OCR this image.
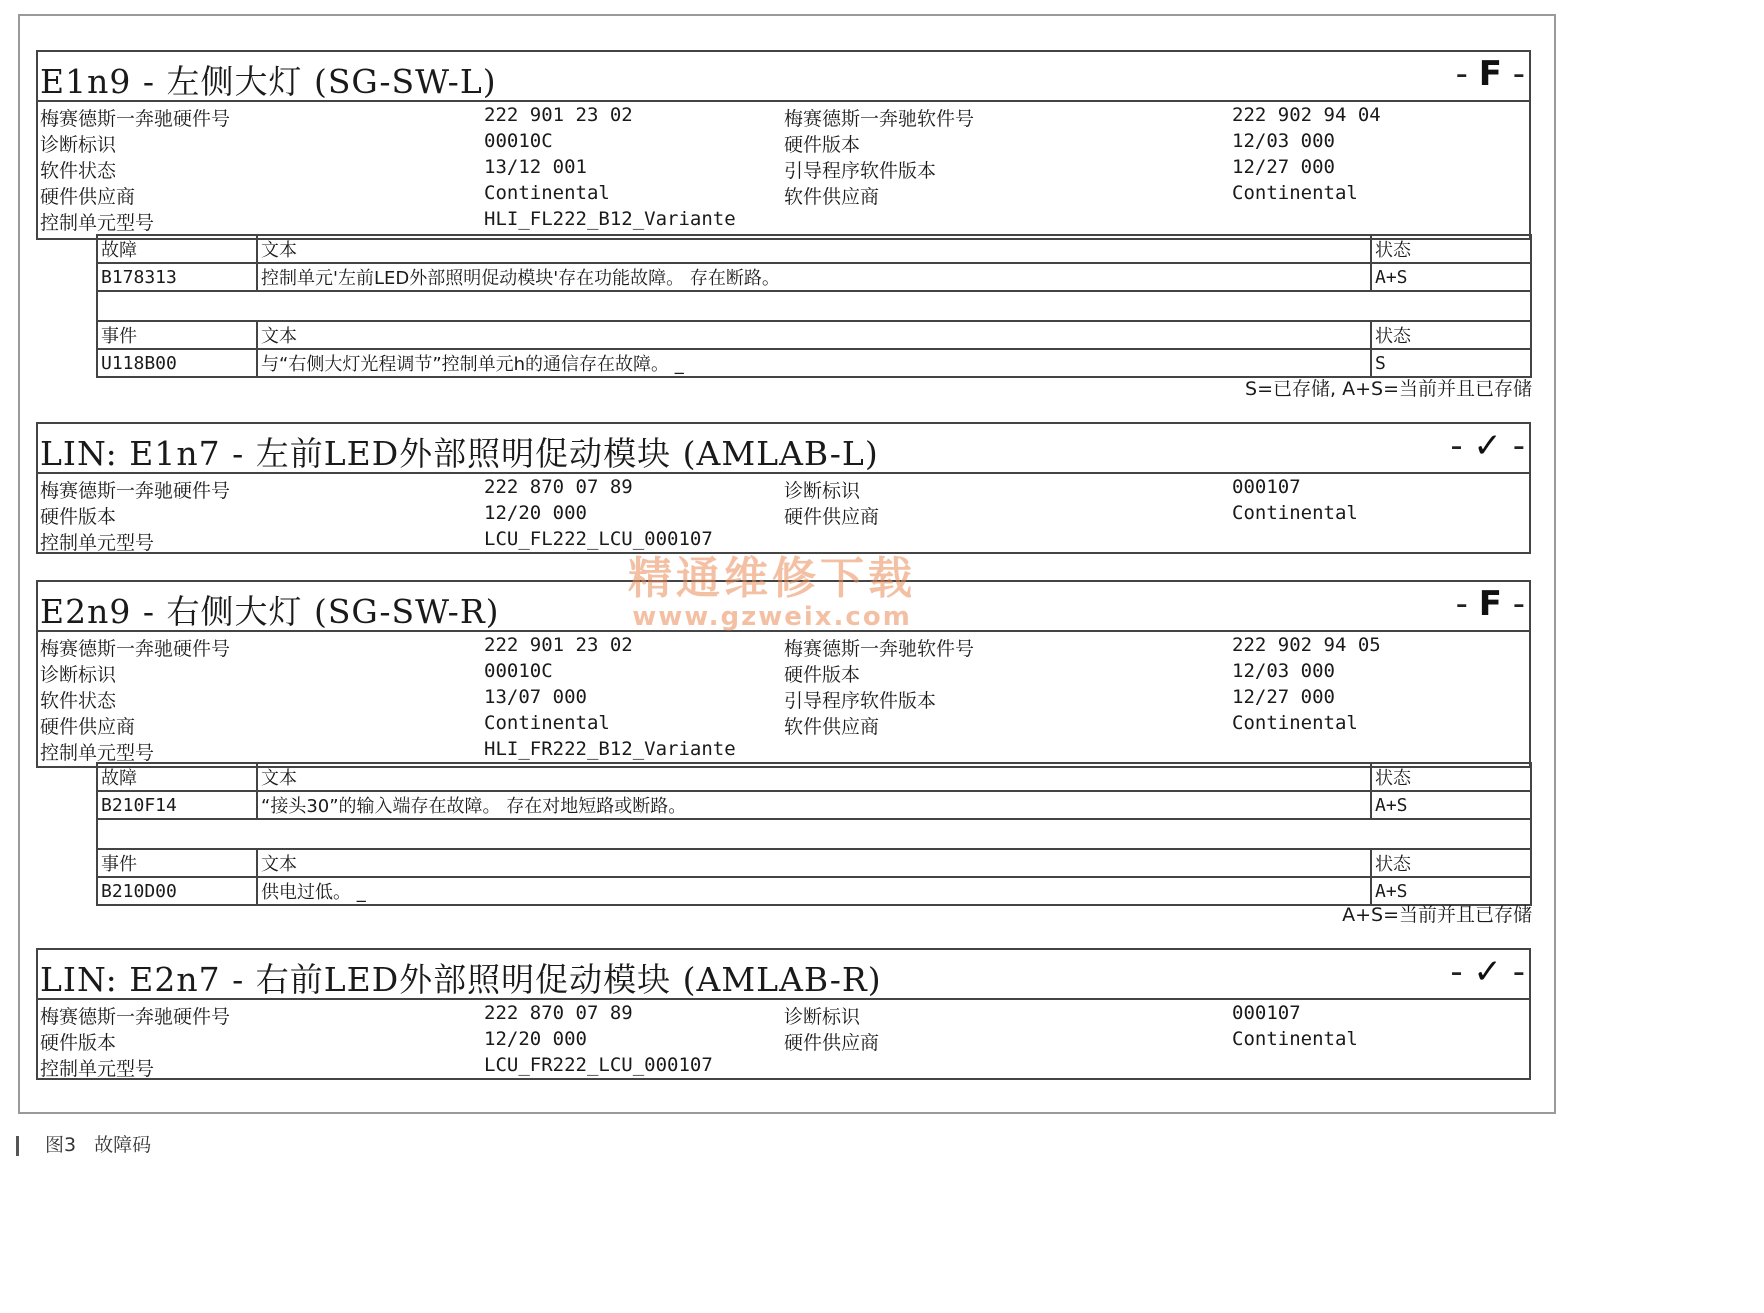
E1n9 - 左侧大灯 (SG-SW-L)	- F -
梅赛德斯一奔驰硬件号	222 901 23 02	梅赛德斯一奔驰软件号	222 902 94 04
诊断标识	00010C	硬件版本	12/03 000
软件状态	13/12 001	引导程序软件版本	12/27 000
硬件供应商	Continental	软件供应商	Continental
控制单元型号	HLI_FL222_B12_Variante
故障	文本	状态
B178313	控制单元'左前LED外部照明促动模块'存在功能故障。 存在断路。	A+S

事件	文本	状态
U118B00	与“右侧大灯光程调节”控制单元h的通信存在故障。 _	S
S=已存储, A+S=当前并且已存储
LIN: E1n7 - 左前LED外部照明促动模块 (AMLAB-L)	- ✓ -
梅赛德斯一奔驰硬件号	222 870 07 89	诊断标识	000107
硬件版本	12/20 000	硬件供应商	Continental
控制单元型号	LCU_FL222_LCU_000107
E2n9 - 右侧大灯 (SG-SW-R)	- F -
梅赛德斯一奔驰硬件号	222 901 23 02	梅赛德斯一奔驰软件号	222 902 94 05
诊断标识	00010C	硬件版本	12/03 000
软件状态	13/07 000	引导程序软件版本	12/27 000
硬件供应商	Continental	软件供应商	Continental
控制单元型号	HLI_FR222_B12_Variante
故障	文本	状态
B210F14	“接头30”的输入端存在故障。 存在对地短路或断路。	A+S

事件	文本	状态
B210D00	供电过低。 _	A+S
A+S=当前并且已存储
LIN: E2n7 - 右前LED外部照明促动模块 (AMLAB-R)	- ✓ -
梅赛德斯一奔驰硬件号	222 870 07 89	诊断标识	000107
硬件版本	12/20 000	硬件供应商	Continental
控制单元型号	LCU_FR222_LCU_000107
精通维修下载
www.gzweix.com
图3 故障码
